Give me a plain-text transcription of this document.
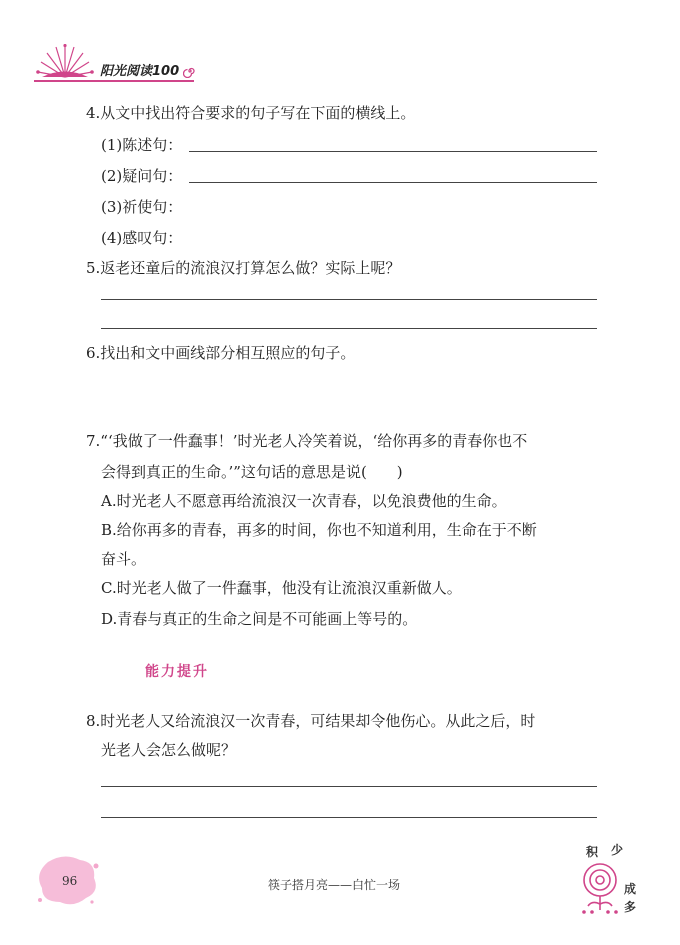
阳光阅读100
4.从文中找出符合要求的句子写在下面的横线上。
(1)陈述句：
(2)疑问句：
(3)祈使句：
(4)感叹句：
5.返老还童后的流浪汉打算怎么做？实际上呢？
6.找出和文中画线部分相互照应的句子。
7.“‘我做了一件蠢事！’时光老人冷笑着说，‘给你再多的青春你也不
会得到真正的生命。’”这句话的意思是说(　　)
A.时光老人不愿意再给流浪汉一次青春，以免浪费他的生命。
B.给你再多的青春，再多的时间，你也不知道利用，生命在于不断
奋斗。
C.时光老人做了一件蠢事，他没有让流浪汉重新做人。
D.青春与真正的生命之间是不可能画上等号的。
能力提升
8.时光老人又给流浪汉一次青春，可结果却令他伤心。从此之后，时
光老人会怎么做呢？
96	筷子搭月亮——白忙一场
积 少
成
多
